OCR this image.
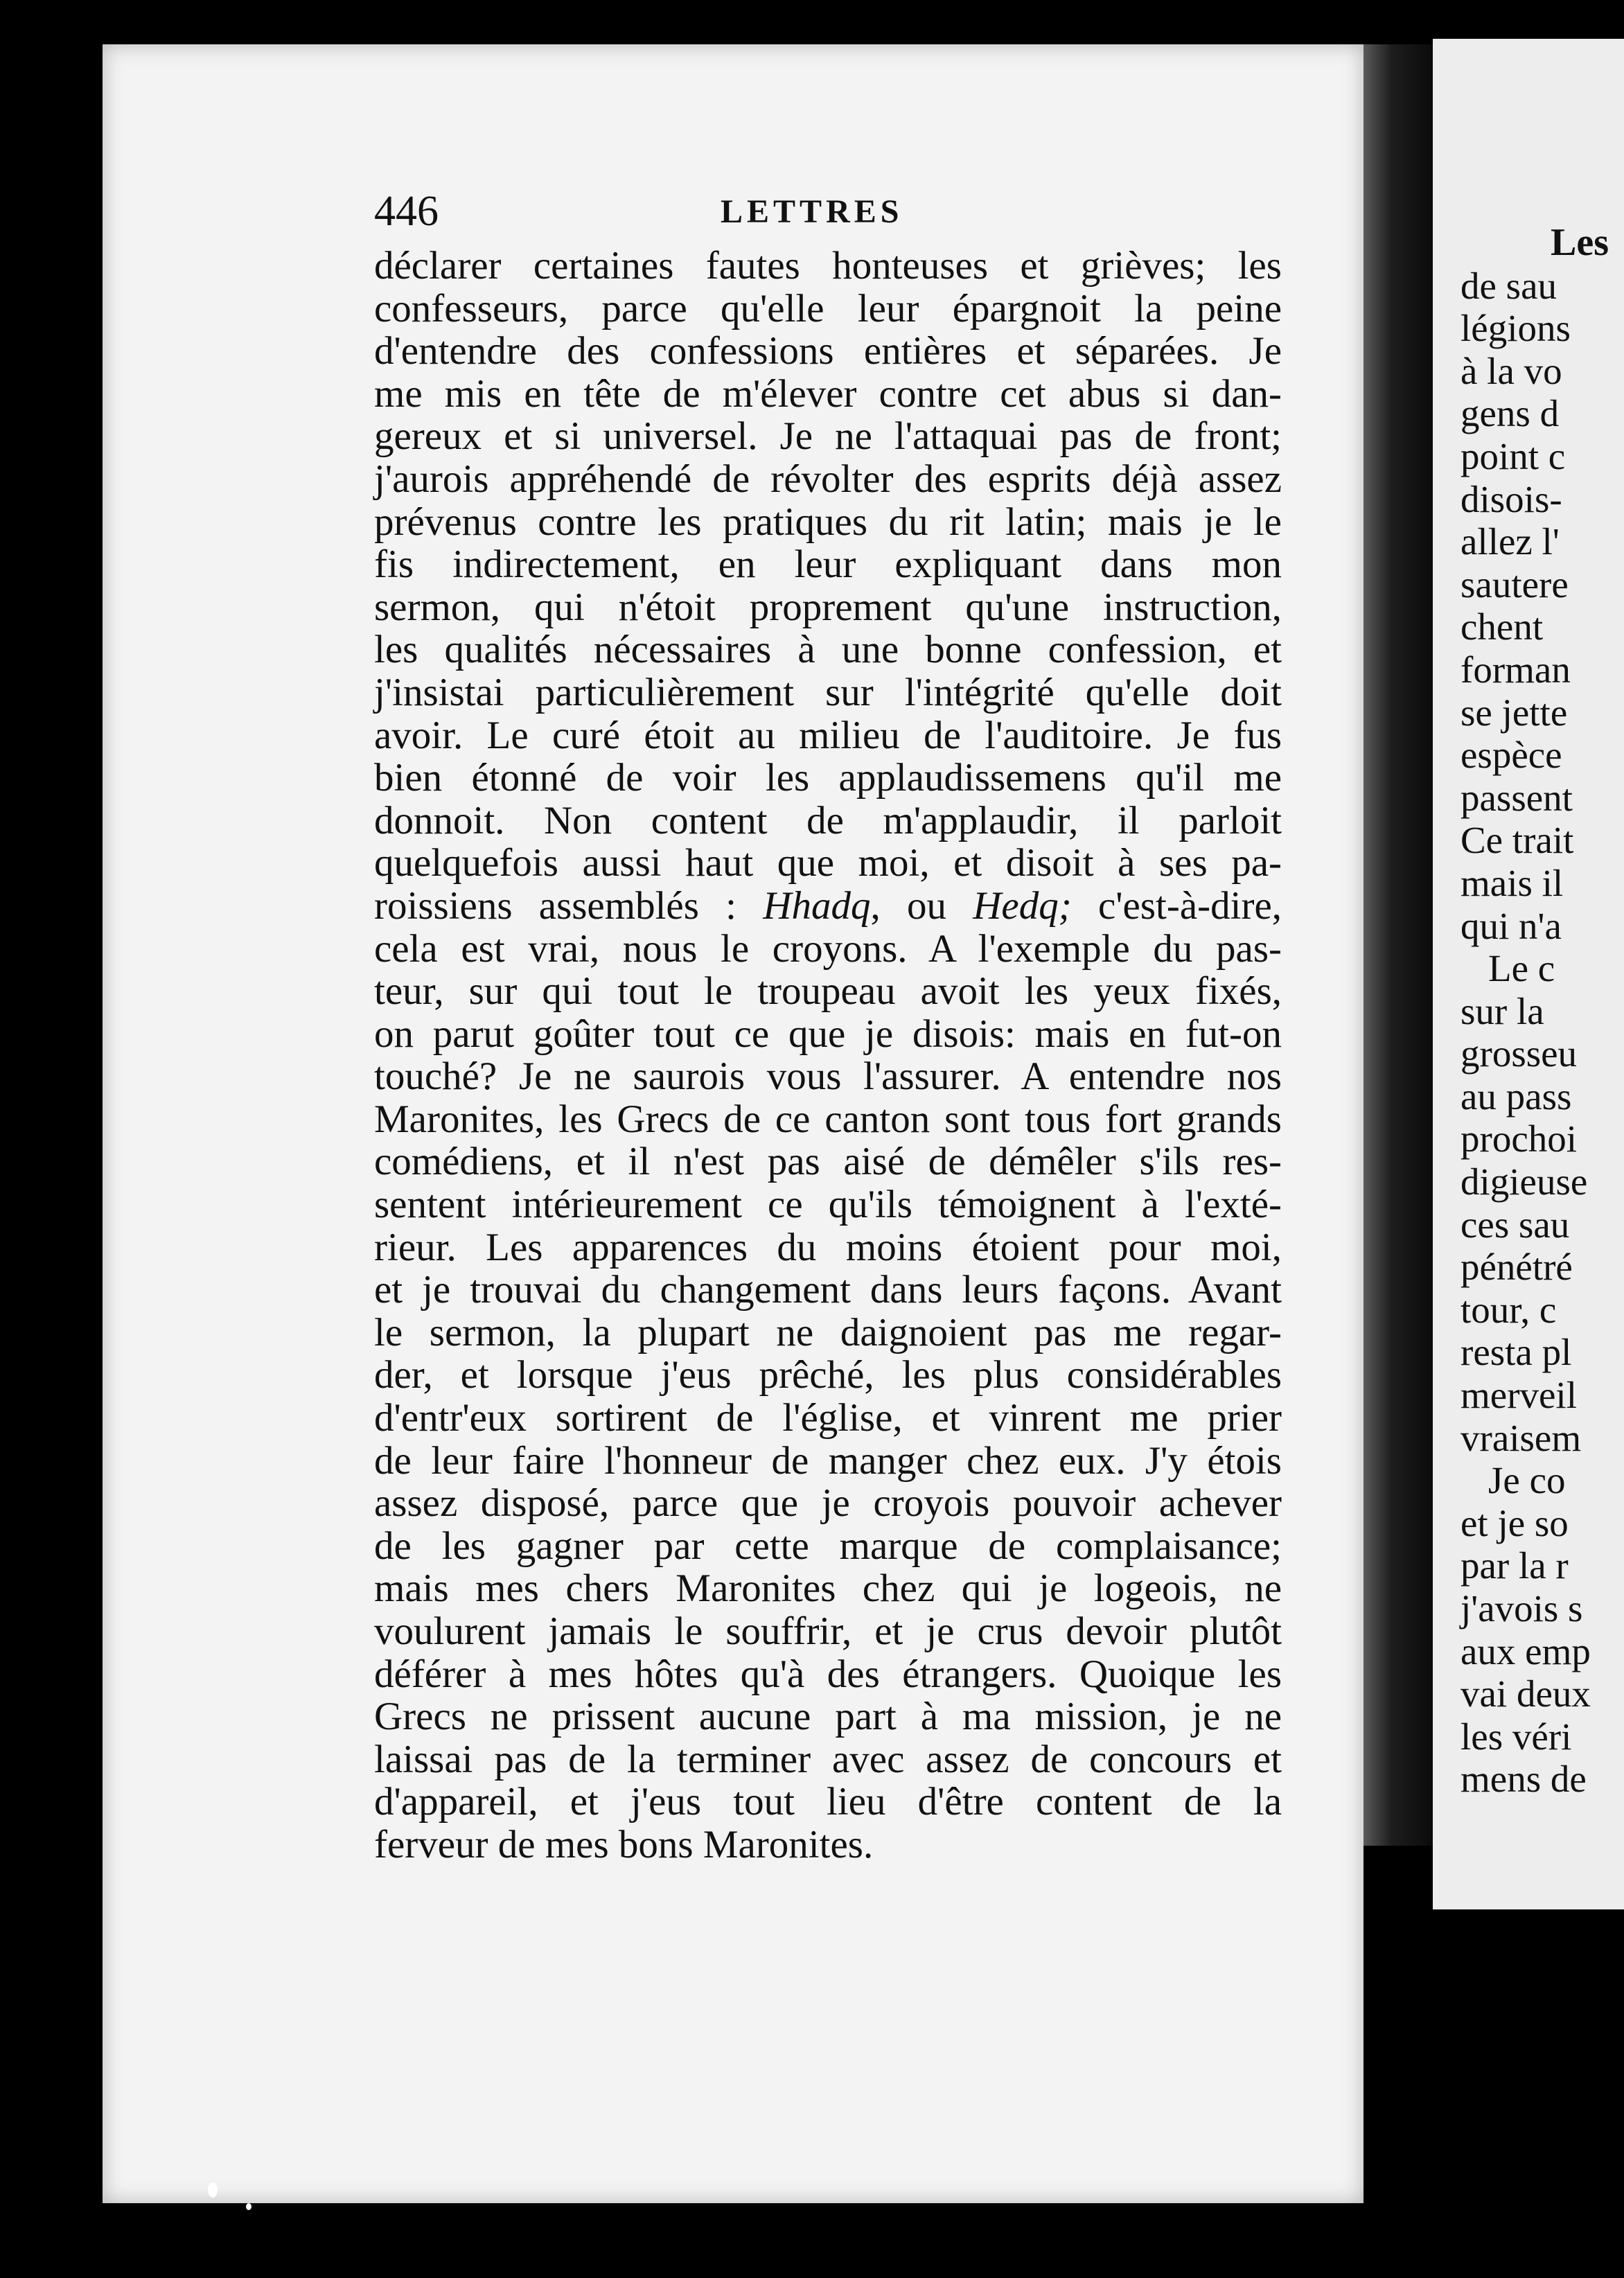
446	LETTRES
déclarer certaines fautes honteuses et grièves; les
confesseurs, parce qu'elle leur épargnoit la peine
d'entendre des confessions entières et séparées. Je
me mis en tête de m'élever contre cet abus si dan-
gereux et si universel. Je ne l'attaquai pas de front;
j'aurois appréhendé de révolter des esprits déjà assez
prévenus contre les pratiques du rit latin; mais je le
fis indirectement, en leur expliquant dans mon
sermon, qui n'étoit proprement qu'une instruction,
les qualités nécessaires à une bonne confession, et
j'insistai particulièrement sur l'intégrité qu'elle doit
avoir. Le curé étoit au milieu de l'auditoire. Je fus
bien étonné de voir les applaudissemens qu'il me
donnoit. Non content de m'applaudir, il parloit
quelquefois aussi haut que moi, et disoit à ses pa-
roissiens assemblés : Hhadq, ou Hedq; c'est-à-dire,
cela est vrai, nous le croyons. A l'exemple du pas-
teur, sur qui tout le troupeau avoit les yeux fixés,
on parut goûter tout ce que je disois: mais en fut-on
touché? Je ne saurois vous l'assurer. A entendre nos
Maronites, les Grecs de ce canton sont tous fort grands
comédiens, et il n'est pas aisé de démêler s'ils res-
sentent intérieurement ce qu'ils témoignent à l'exté-
rieur. Les apparences du moins étoient pour moi,
et je trouvai du changement dans leurs façons. Avant
le sermon, la plupart ne daignoient pas me regar-
der, et lorsque j'eus prêché, les plus considérables
d'entr'eux sortirent de l'église, et vinrent me prier
de leur faire l'honneur de manger chez eux. J'y étois
assez disposé, parce que je croyois pouvoir achever
de les gagner par cette marque de complaisance;
mais mes chers Maronites chez qui je logeois, ne
voulurent jamais le souffrir, et je crus devoir plutôt
déférer à mes hôtes qu'à des étrangers. Quoique les
Grecs ne prissent aucune part à ma mission, je ne
laissai pas de la terminer avec assez de concours et
d'appareil, et j'eus tout lieu d'être content de la
ferveur de mes bons Maronites.
Les
de sau
légions
à la vo
gens d
point c
disois-
allez l'
sautere
chent
forman
se jette
espèce
passent
Ce trait
mais il
qui n'a
Le c
sur la
grosseu
au pass
prochoi
digieuse
ces sau
pénétré
tour, c
resta pl
merveil
vraisem
Je co
et je so
par la r
j'avois s
aux emp
vai deux
les véri
mens de
